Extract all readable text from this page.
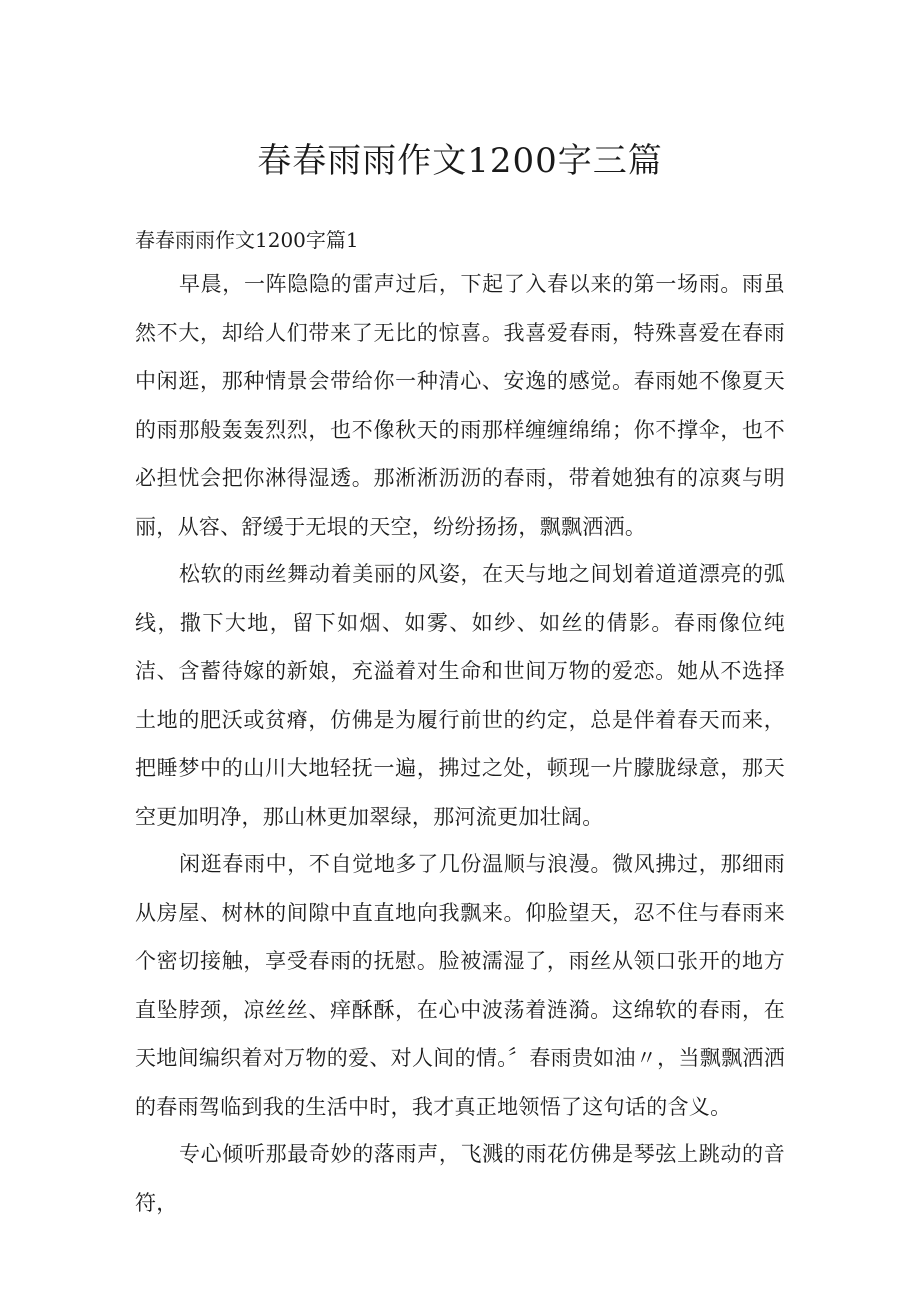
春春雨雨作文1200字三篇
春春雨雨作文1200字篇1

早晨，一阵隐隐的雷声过后，下起了入春以来的第一场雨。雨虽然不大，却给人们带来了无比的惊喜。我喜爱春雨，特殊喜爱在春雨中闲逛，那种情景会带给你一种清心、安逸的感觉。春雨她不像夏天的雨那般轰轰烈烈，也不像秋天的雨那样缠缠绵绵；你不撑伞，也不必担忧会把你淋得湿透。那淅淅沥沥的春雨，带着她独有的凉爽与明丽，从容、舒缓于无垠的天空，纷纷扬扬，飘飘洒洒。

松软的雨丝舞动着美丽的风姿，在天与地之间划着道道漂亮的弧线，撒下大地，留下如烟、如雾、如纱、如丝的倩影。春雨像位纯洁、含蓄待嫁的新娘，充溢着对生命和世间万物的爱恋。她从不选择土地的肥沃或贫瘠，仿佛是为履行前世的约定，总是伴着春天而来，把睡梦中的山川大地轻抚一遍，拂过之处，顿现一片朦胧绿意，那天空更加明净，那山林更加翠绿，那河流更加壮阔。

闲逛春雨中，不自觉地多了几份温顺与浪漫。微风拂过，那细雨从房屋、树林的间隙中直直地向我飘来。仰脸望天，忍不住与春雨来个密切接触，享受春雨的抚慰。脸被濡湿了，雨丝从领口张开的地方直坠脖颈，凉丝丝、痒酥酥，在心中波荡着涟漪。这绵软的春雨，在天地间编织着对万物的爱、对人间的情。〞春雨贵如油〃，当飘飘洒洒的春雨驾临到我的生活中时，我才真正地领悟了这句话的含义。

专心倾听那最奇妙的落雨声，飞溅的雨花仿佛是琴弦上跳动的音符，
